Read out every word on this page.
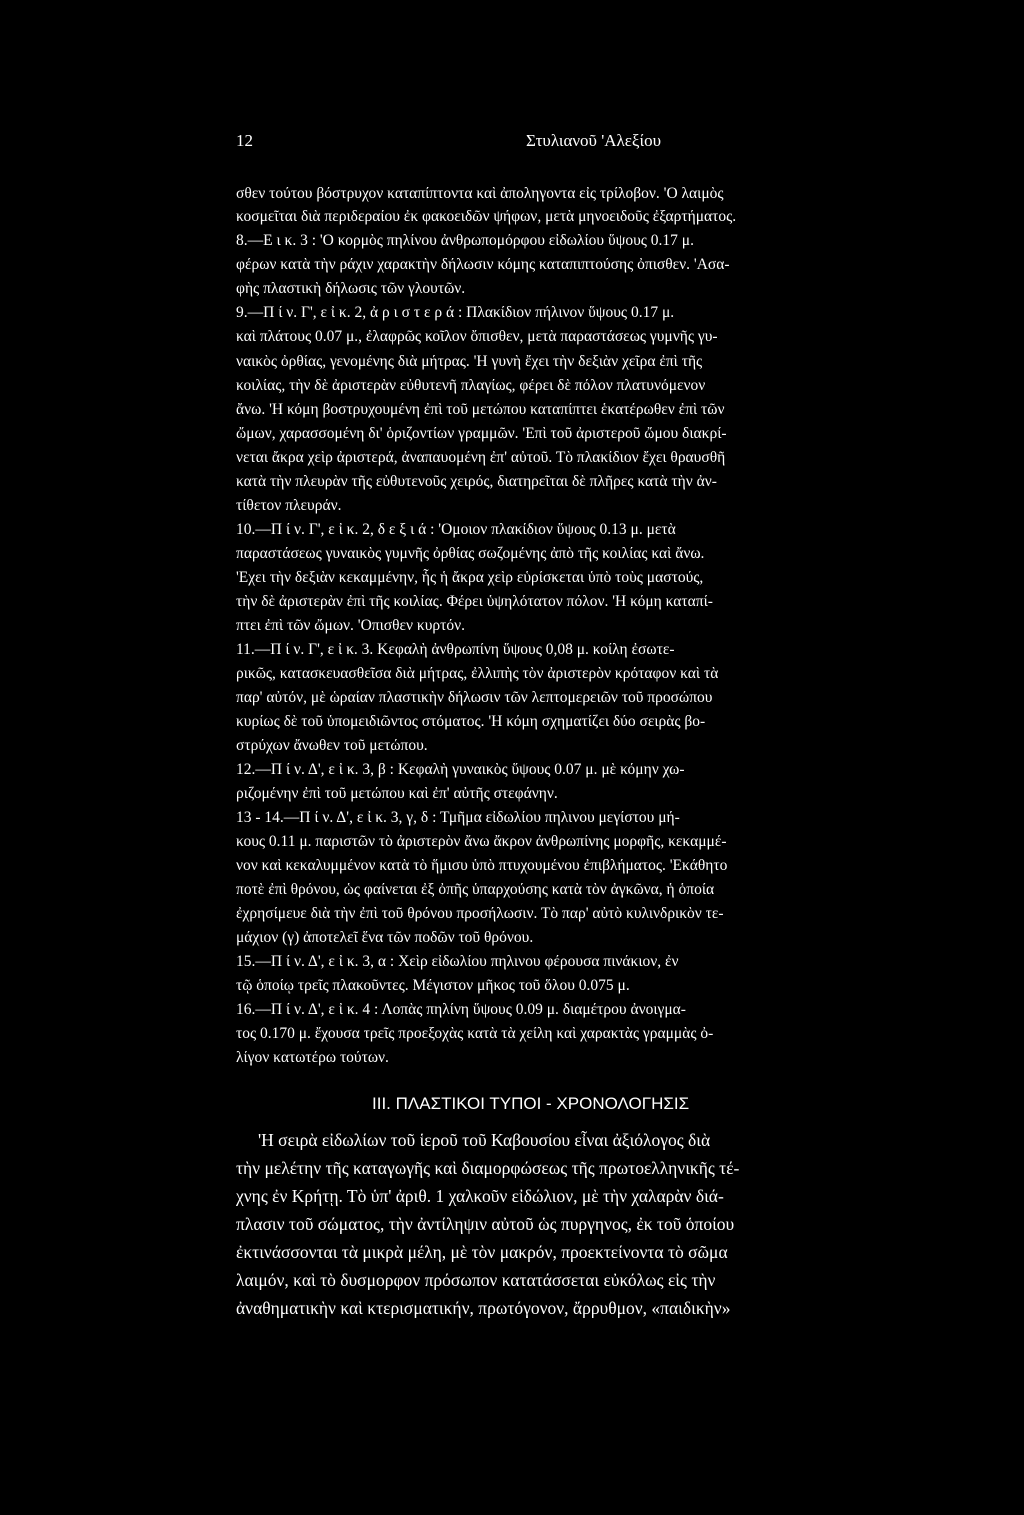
12	Στυλιανοῦ 'Αλεξίου
σθεν τούτου βόστρυχον καταπίπτοντα καὶ ἀποληγοντα εἰς τρίλοβον. 'Ο λαιμὸς
κοσμεῖται διὰ περιδεραίου ἐκ φακοειδῶν ψήφων, μετὰ μηνοειδοῦς ἐξαρτήματος.
8.—Ε ι κ. 3 : 'Ο κορμὸς πηλίνου ἀνθρωπομόρφου εἰδωλίου ὕψους 0.17 μ.
φέρων κατὰ τὴν ράχιν χαρακτὴν δήλωσιν κόμης καταπιπτούσης ὀπισθεν. 'Ασα-
φὴς πλαστικὴ δήλωσις τῶν γλουτῶν.
9.—Π ί ν. Γ', ε ἰ κ. 2, ἀ ρ ι σ τ ε ρ ά : Πλακίδιον πήλινον ὕψους 0.17 μ.
καὶ πλάτους 0.07 μ., ἐλαφρῶς κοῖλον ὄπισθεν, μετὰ παραστάσεως γυμνῆς γυ-
ναικὸς ὀρθίας, γενομένης διὰ μήτρας. 'Η γυνὴ ἔχει τὴν δεξιὰν χεῖρα ἐπὶ τῆς
κοιλίας, τὴν δὲ ἀριστερὰν εὐθυτενῆ πλαγίως, φέρει δὲ πόλον πλατυνόμενον
ἄνω. 'Η κόμη βοστρυχουμένη ἐπὶ τοῦ μετώπου καταπίπτει ἑκατέρωθεν ἐπὶ τῶν
ὤμων, χαρασσομένη δι' ὁριζοντίων γραμμῶν. 'Επὶ τοῦ ἀριστεροῦ ὤμου διακρί-
νεται ἄκρα χεὶρ ἀριστερά, ἀναπαυομένη ἐπ' αὐτοῦ. Τὸ πλακίδιον ἔχει θραυσθῆ
κατὰ τὴν πλευρὰν τῆς εὐθυτενοῦς χειρός, διατηρεῖται δὲ πλῆρες κατὰ τὴν ἀν-
τίθετον πλευράν.
10.—Π ί ν. Γ', ε ἰ κ. 2, δ ε ξ ι ά : 'Ομοιον πλακίδιον ὕψους 0.13 μ. μετὰ
παραστάσεως γυναικὸς γυμνῆς ὀρθίας σωζομένης ἀπὸ τῆς κοιλίας καὶ ἄνω.
'Εχει τὴν δεξιὰν κεκαμμένην, ἧς ἡ ἄκρα χεὶρ εὑρίσκεται ὑπὸ τοὺς μαστούς,
τὴν δὲ ἀριστερὰν ἐπὶ τῆς κοιλίας. Φέρει ὑψηλότατον πόλον. 'Η κόμη καταπί-
πτει ἐπὶ τῶν ὤμων. 'Οπισθεν κυρτόν.
11.—Π ί ν. Γ', ε ἰ κ. 3. Κεφαλὴ ἀνθρωπίνη ὕψους 0,08 μ. κοίλη ἐσωτε-
ρικῶς, κατασκευασθεῖσα διὰ μήτρας, ἐλλιπὴς τὸν ἀριστερὸν κρόταφον καὶ τὰ
παρ' αὐτόν, μὲ ὡραίαν πλαστικὴν δήλωσιν τῶν λεπτομερειῶν τοῦ προσώπου
κυρίως δὲ τοῦ ὑπομειδιῶντος στόματος. 'Η κόμη σχηματίζει δύο σειρὰς βο-
στρύχων ἄνωθεν τοῦ μετώπου.
12.—Π ί ν. Δ', ε ἰ κ. 3, β : Κεφαλὴ γυναικὸς ὕψους 0.07 μ. μὲ κόμην χω-
ριζομένην ἐπὶ τοῦ μετώπου καὶ ἐπ' αὐτῆς στεφάνην.
13 - 14.—Π ί ν. Δ', ε ἰ κ. 3, γ, δ : Τμῆμα εἰδωλίου πηλινου μεγίστου μή-
κους 0.11 μ. παριστῶν τὸ ἀριστερὸν ἄνω ἄκρον ἀνθρωπίνης μορφῆς, κεκαμμέ-
νον καὶ κεκαλυμμένον κατὰ τὸ ἥμισυ ὑπὸ πτυχουμένου ἐπιβλήματος. 'Εκάθητο
ποτὲ ἐπὶ θρόνου, ὡς φαίνεται ἐξ ὀπῆς ὑπαρχούσης κατὰ τὸν ἀγκῶνα, ἡ ὁποία
ἐχρησίμευε διὰ τὴν ἐπὶ τοῦ θρόνου προσήλωσιν. Τὸ παρ' αὐτὸ κυλινδρικὸν τε-
μάχιον (γ) ἀποτελεῖ ἕνα τῶν ποδῶν τοῦ θρόνου.
15.—Π ί ν. Δ', ε ἰ κ. 3, α : Χεὶρ εἰδωλίου πηλινου φέρουσα πινάκιον, ἐν
τῷ ὁποίῳ τρεῖς πλακοῦντες. Μέγιστον μῆκος τοῦ ὅλου 0.075 μ.
16.—Π ί ν. Δ', ε ἰ κ. 4 : Λοπὰς πηλίνη ὕψους 0.09 μ. διαμέτρου ἀνοιγμα-
τος 0.170 μ. ἔχουσα τρεῖς προεξοχὰς κατὰ τὰ χείλη καὶ χαρακτὰς γραμμὰς ὀ-
λίγον κατωτέρω τούτων.
III. ΠΛΑΣΤΙΚΟΙ ΤΥΠΟΙ - ΧΡΟΝΟΛΟΓΗΣΙΣ
'Η σειρὰ εἰδωλίων τοῦ ἱεροῦ τοῦ Καβουσίου εἶναι ἀξιόλογος διὰ
τὴν μελέτην τῆς καταγωγῆς καὶ διαμορφώσεως τῆς πρωτοελληνικῆς τέ-
χνης ἐν Κρήτῃ. Τὸ ὑπ' ἀριθ. 1 χαλκοῦν εἰδώλιον, μὲ τὴν χαλαρὰν διά-
πλασιν τοῦ σώματος, τὴν ἀντίληψιν αὐτοῦ ὡς πυργηνος, ἐκ τοῦ ὁποίου
ἐκτινάσσονται τὰ μικρὰ μέλη, μὲ τὸν μακρόν, προεκτείνοντα τὸ σῶμα
λαιμόν, καὶ τὸ δυσμορφον πρόσωπον κατατάσσεται εὐκόλως εἰς τὴν
ἀναθηματικὴν καὶ κτερισματικήν, πρωτόγονον, ἄρρυθμον, «παιδικὴν»
